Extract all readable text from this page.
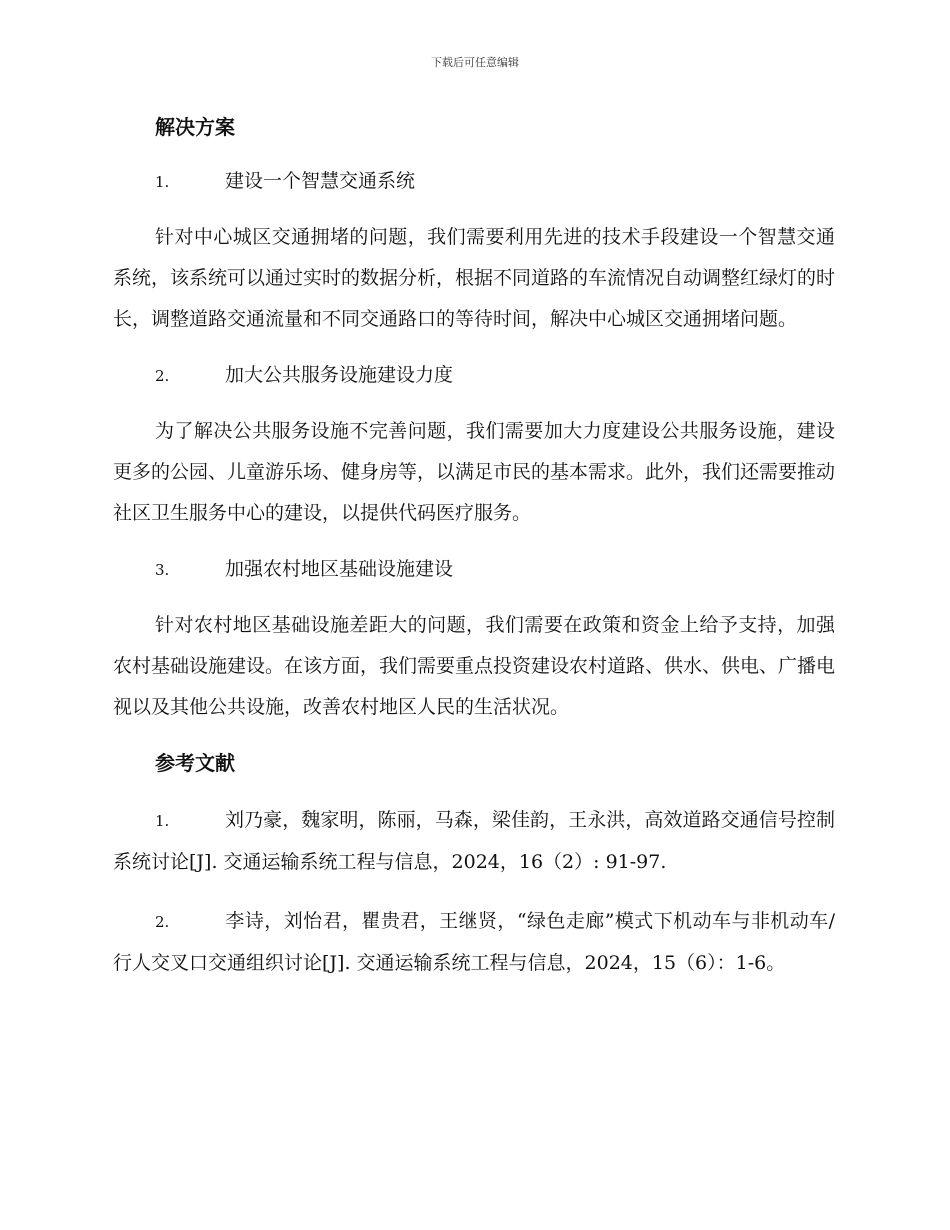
下载后可任意编辑
解决方案
1.	建设一个智慧交通系统

针对中心城区交通拥堵的问题，我们需要利用先进的技术手段建设一个智慧交通系统，该系统可以通过实时的数据分析，根据不同道路的车流情况自动调整红绿灯的时长，调整道路交通流量和不同交通路口的等待时间，解决中心城区交通拥堵问题。

2.	加大公共服务设施建设力度

为了解决公共服务设施不完善问题，我们需要加大力度建设公共服务设施，建设更多的公园、儿童游乐场、健身房等，以满足市民的基本需求。此外，我们还需要推动社区卫生服务中心的建设，以提供代码医疗服务。

3.	加强农村地区基础设施建设

针对农村地区基础设施差距大的问题，我们需要在政策和资金上给予支持，加强农村基础设施建设。在该方面，我们需要重点投资建设农村道路、供水、供电、广播电视以及其他公共设施，改善农村地区人民的生活状况。

参考文献

1.	刘乃豪，魏家明，陈丽，马森，梁佳韵，王永洪，高效道路交通信号控制系统讨论[J]. 交通运输系统工程与信息，2024，16（2）: 91-97.

2.	李诗，刘怡君，瞿贵君，王继贤，“绿色走廊”模式下机动车与非机动车/行人交叉口交通组织讨论[J]. 交通运输系统工程与信息，2024，15（6）：1-6。
